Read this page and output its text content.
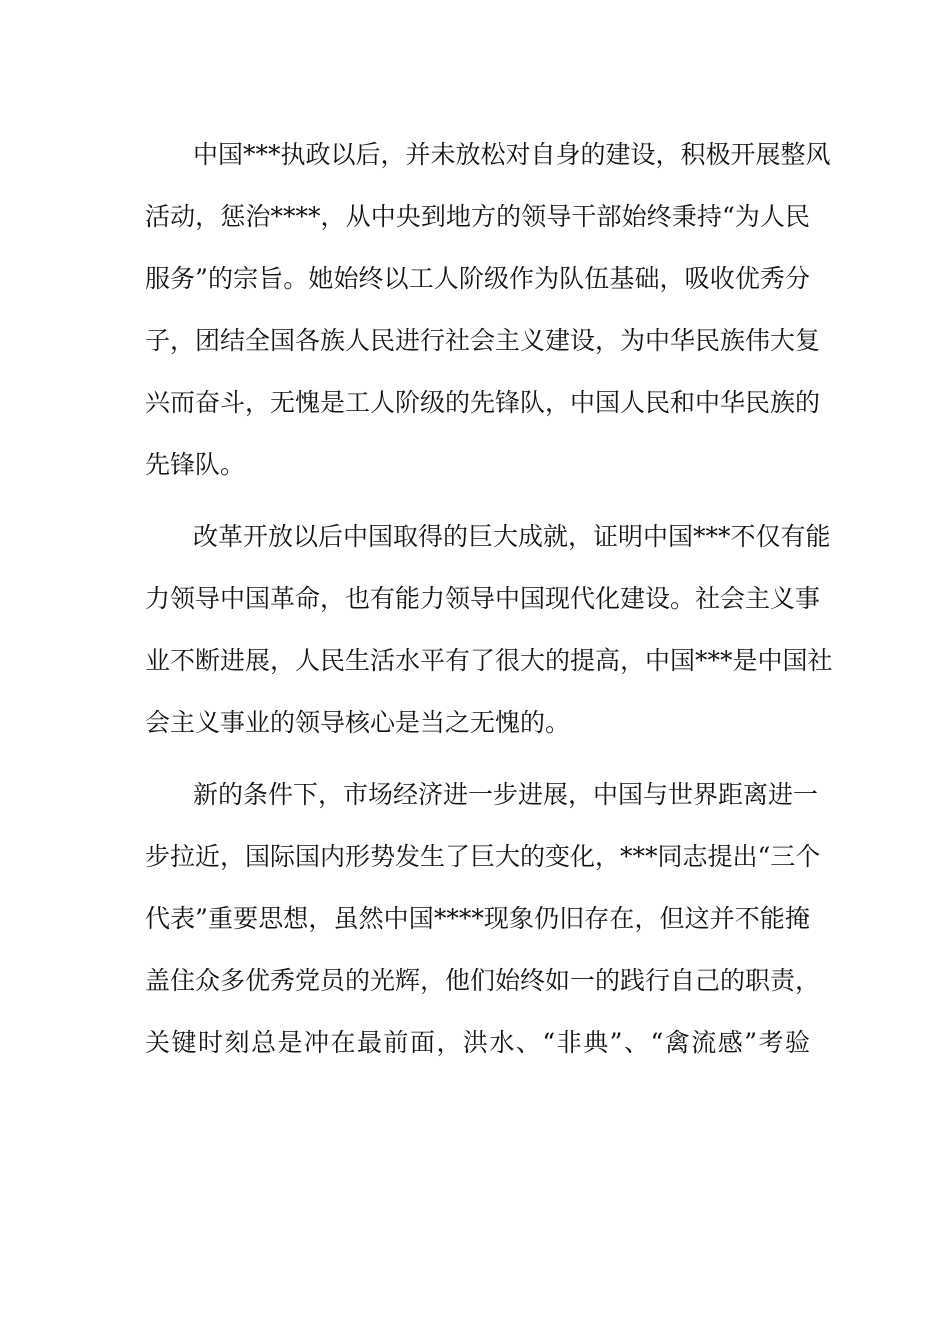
中国***执政以后，并未放松对自身的建设，积极开展整风
活动，惩治****，从中央到地方的领导干部始终秉持“为人民
服务”的宗旨。她始终以工人阶级作为队伍基础，吸收优秀分
子，团结全国各族人民进行社会主义建设，为中华民族伟大复
兴而奋斗，无愧是工人阶级的先锋队，中国人民和中华民族的
先锋队。
改革开放以后中国取得的巨大成就，证明中国***不仅有能
力领导中国革命，也有能力领导中国现代化建设。社会主义事
业不断进展，人民生活水平有了很大的提高，中国***是中国社
会主义事业的领导核心是当之无愧的。
新的条件下，市场经济进一步进展，中国与世界距离进一
步拉近，国际国内形势发生了巨大的变化，***同志提出“三个
代表”重要思想，虽然中国****现象仍旧存在，但这并不能掩
盖住众多优秀党员的光辉，他们始终如一的践行自己的职责，
关键时刻总是冲在最前面，洪水、“非典”、“禽流感”考验
